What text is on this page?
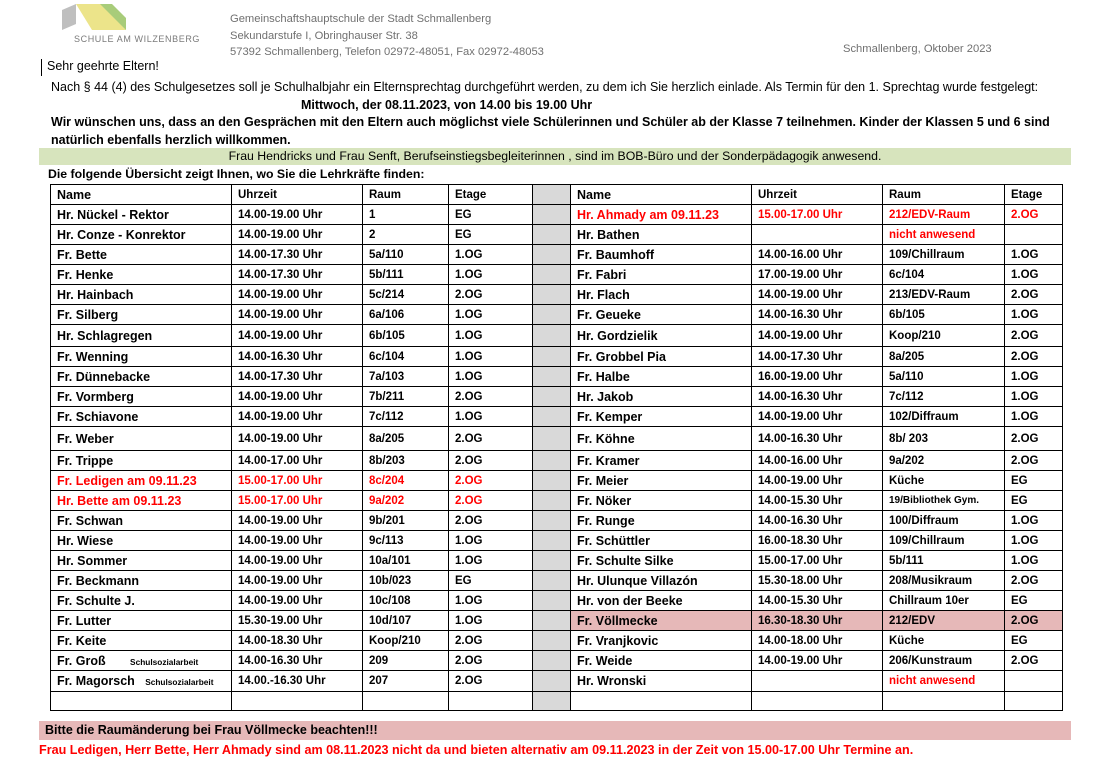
SCHULE AM WILZENBERG
Gemeinschaftshauptschule der Stadt Schmallenberg
Sekundarstufe I, Obringhauser Str. 38
57392 Schmallenberg, Telefon 02972-48051, Fax 02972-48053	Schmallenberg, Oktober 2023
Sehr geehrte Eltern!
Nach § 44 (4) des Schulgesetzes soll je Schulhalbjahr ein Elternsprechtag durchgeführt werden, zu dem ich Sie herzlich einlade. Als Termin für den 1. Sprechtag wurde festgelegt: Mittwoch, der 08.11.2023, von 14.00 bis 19.00 Uhr
Wir wünschen uns, dass an den Gesprächen mit den Eltern auch möglichst viele Schülerinnen und Schüler ab der Klasse 7 teilnehmen. Kinder der Klassen 5 und 6 sind natürlich ebenfalls herzlich willkommen.
Frau Hendricks und Frau Senft, Berufseinstiegsbegleiterinnen , sind im BOB-Büro und der Sonderpädagogik anwesend.
Die folgende Übersicht zeigt Ihnen, wo Sie die Lehrkräfte finden:
Name	Uhrzeit	Raum	Etage		Name	Uhrzeit	Raum	Etage
Hr. Nückel - Rektor	14.00-19.00 Uhr	1	EG		Hr. Ahmady am 09.11.23	15.00-17.00 Uhr	212/EDV-Raum	2.OG
Hr. Conze - Konrektor	14.00-19.00 Uhr	2	EG		Hr. Bathen		nicht anwesend	
Fr. Bette	14.00-17.30 Uhr	5a/110	1.OG		Fr. Baumhoff	14.00-16.00 Uhr	109/Chillraum	1.OG
Fr. Henke	14.00-17.30 Uhr	5b/111	1.OG		Fr. Fabri	17.00-19.00 Uhr	6c/104	1.OG
Hr. Hainbach	14.00-19.00 Uhr	5c/214	2.OG		Hr. Flach	14.00-19.00 Uhr	213/EDV-Raum	2.OG
Fr. Silberg	14.00-19.00 Uhr	6a/106	1.OG		Fr. Geueke	14.00-16.30 Uhr	6b/105	1.OG
Hr. Schlagregen	14.00-19.00 Uhr	6b/105	1.OG		Hr. Gordzielik	14.00-19.00 Uhr	Koop/210	2.OG
Fr. Wenning	14.00-16.30 Uhr	6c/104	1.OG		Fr. Grobbel Pia	14.00-17.30 Uhr	8a/205	2.OG
Fr. Dünnebacke	14.00-17.30 Uhr	7a/103	1.OG		Fr. Halbe	16.00-19.00 Uhr	5a/110	1.OG
Fr. Vormberg	14.00-19.00 Uhr	7b/211	2.OG		Hr. Jakob	14.00-16.30 Uhr	7c/112	1.OG
Fr. Schiavone	14.00-19.00 Uhr	7c/112	1.OG		Fr. Kemper	14.00-19.00 Uhr	102/Diffraum	1.OG
Fr. Weber	14.00-19.00 Uhr	8a/205	2.OG		Fr. Köhne	14.00-16.30 Uhr	8b/ 203	2.OG
Fr. Trippe	14.00-17.00 Uhr	8b/203	2.OG		Fr. Kramer	14.00-16.00 Uhr	9a/202	2.OG
Fr. Ledigen am 09.11.23	15.00-17.00 Uhr	8c/204	2.OG		Fr. Meier	14.00-19.00 Uhr	Küche	EG
Hr. Bette am 09.11.23	15.00-17.00 Uhr	9a/202	2.OG		Fr. Nöker	14.00-15.30 Uhr	19/Bibliothek Gym.	EG
Fr. Schwan	14.00-19.00 Uhr	9b/201	2.OG		Fr. Runge	14.00-16.30 Uhr	100/Diffraum	1.OG
Hr. Wiese	14.00-19.00 Uhr	9c/113	1.OG		Fr. Schüttler	16.00-18.30 Uhr	109/Chillraum	1.OG
Hr. Sommer	14.00-19.00 Uhr	10a/101	1.OG		Fr. Schulte Silke	15.00-17.00 Uhr	5b/111	1.OG
Fr. Beckmann	14.00-19.00 Uhr	10b/023	EG		Hr. Ulunque Villazón	15.30-18.00 Uhr	208/Musikraum	2.OG
Fr. Schulte J.	14.00-19.00 Uhr	10c/108	1.OG		Hr. von der Beeke	14.00-15.30 Uhr	Chillraum 10er	EG
Fr. Lutter	15.30-19.00 Uhr	10d/107	1.OG		Fr. Völlmecke	16.30-18.30 Uhr	212/EDV	2.OG
Fr. Keite	14.00-18.30 Uhr	Koop/210	2.OG		Fr. Vranjkovic	14.00-18.00 Uhr	Küche	EG
Fr. Groß Schulsozialarbeit	14.00-16.30 Uhr	209	2.OG		Fr. Weide	14.00-19.00 Uhr	206/Kunstraum	2.OG
Fr. Magorsch Schulsozialarbeit	14.00.-16.30 Uhr	207	2.OG		Hr. Wronski		nicht anwesend	

Bitte die Raumänderung bei Frau Völlmecke beachten!!!
Frau Ledigen, Herr Bette, Herr Ahmady sind am 08.11.2023 nicht da und bieten alternativ am 09.11.2023 in der Zeit von 15.00-17.00 Uhr Termine an.
